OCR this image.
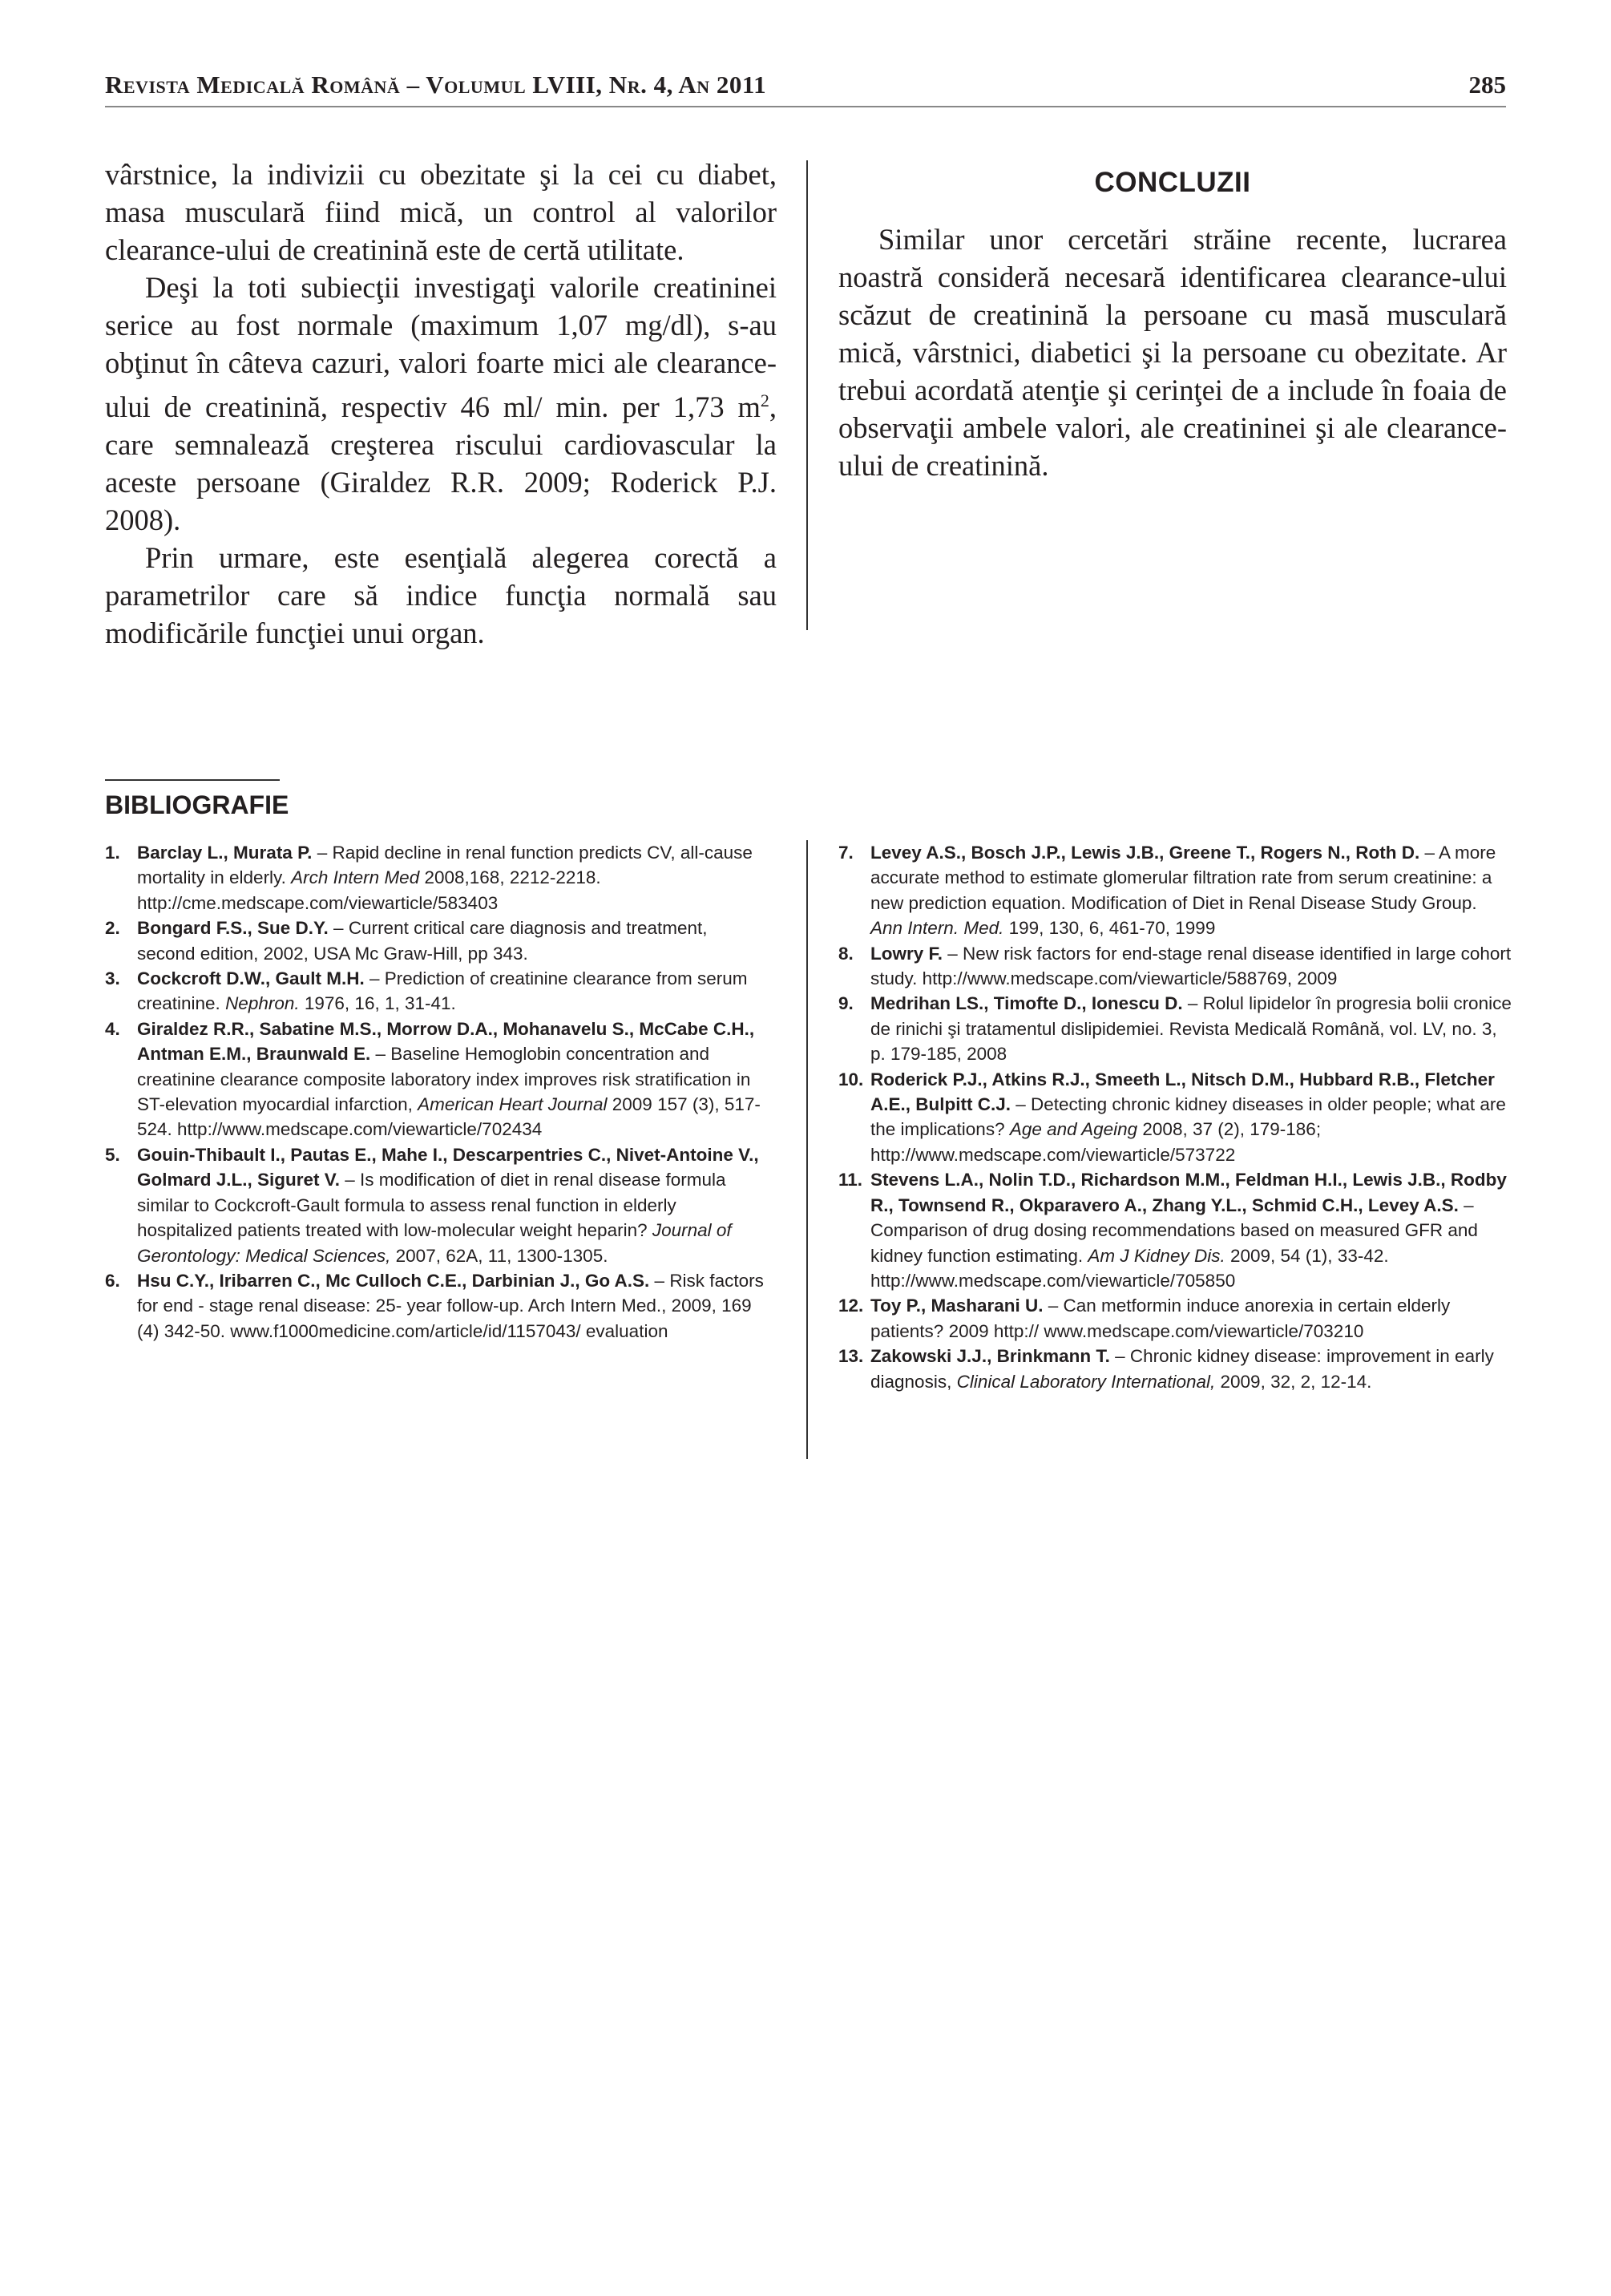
Revista Medicală Română – Volumul LVIII, Nr. 4, An 2011	285

vârstnice, la indivizii cu obezitate şi la cei cu diabet, masa musculară fiind mică, un control al valorilor clearance-ului de creatinină este de certă utilitate.

Deşi la toti subiecţii investigaţi valorile creatininei serice au fost normale (maximum 1,07 mg/dl), s-au obţinut în câteva cazuri, valori foarte mici ale clearance-ului de creatinină, respectiv 46 ml/ min. per 1,73 $m^2$, care semnalează creşterea riscului cardiovascular la aceste persoane (Giraldez R.R. 2009; Roderick P.J. 2008).

Prin urmare, este esenţială alegerea corectă a parametrilor care să indice funcţia normală sau modificările funcţiei unui organ.

CONCLUZII

Similar unor cercetări străine recente, lucrarea noastră consideră necesară identificarea clearance-ului scăzut de creatinină la persoane cu masă musculară mică, vârstnici, diabetici şi la persoane cu obezitate. Ar trebui acordată atenţie şi cerinţei de a include în foaia de observaţii ambele valori, ale creatininei şi ale clearance-ului de creatinină.

BIBLIOGRAFIE
1. Barclay L., Murata P. – Rapid decline in renal function predicts CV, all-cause mortality in elderly. Arch Intern Med 2008,168, 2212-2218. http://cme.medscape.com/viewarticle/583403
2. Bongard F.S., Sue D.Y. – Current critical care diagnosis and treatment, second edition, 2002, USA Mc Graw-Hill, pp 343.
3. Cockcroft D.W., Gault M.H. – Prediction of creatinine clearance from serum creatinine. Nephron. 1976, 16, 1, 31-41.
4. Giraldez R.R., Sabatine M.S., Morrow D.A., Mohanavelu S., McCabe C.H., Antman E.M., Braunwald E. – Baseline Hemoglobin concentration and creatinine clearance composite laboratory index improves risk stratification in ST-elevation myocardial infarction, American Heart Journal 2009 157 (3), 517-524. http://www.medscape.com/viewarticle/702434
5. Gouin-Thibault I., Pautas E., Mahe I., Descarpentries C., Nivet-Antoine V., Golmard J.L., Siguret V. – Is modification of diet in renal disease formula similar to Cockcroft-Gault formula to assess renal function in elderly hospitalized patients treated with low-molecular weight heparin? Journal of Gerontology: Medical Sciences, 2007, 62A, 11, 1300-1305.
6. Hsu C.Y., Iribarren C., Mc Culloch C.E., Darbinian J., Go A.S. – Risk factors for end - stage renal disease: 25- year follow-up. Arch Intern Med., 2009, 169 (4) 342-50. www.f1000medicine.com/article/id/1157043/ evaluation
7. Levey A.S., Bosch J.P., Lewis J.B., Greene T., Rogers N., Roth D. – A more accurate method to estimate glomerular filtration rate from serum creatinine: a new prediction equation. Modification of Diet in Renal Disease Study Group. Ann Intern. Med. 199, 130, 6, 461-70, 1999
8. Lowry F. – New risk factors for end-stage renal disease identified in large cohort study. http://www.medscape.com/viewarticle/588769, 2009
9. Medrihan LS., Timofte D., Ionescu D. – Rolul lipidelor în progresia bolii cronice de rinichi şi tratamentul dislipidemiei. Revista Medicală Română, vol. LV, no. 3, p. 179-185, 2008
10. Roderick P.J., Atkins R.J., Smeeth L., Nitsch D.M., Hubbard R.B., Fletcher A.E., Bulpitt C.J. – Detecting chronic kidney diseases in older people; what are the implications? Age and Ageing 2008, 37 (2), 179-186; http://www.medscape.com/viewarticle/573722
11. Stevens L.A., Nolin T.D., Richardson M.M., Feldman H.I., Lewis J.B., Rodby R., Townsend R., Okparavero A., Zhang Y.L., Schmid C.H., Levey A.S. – Comparison of drug dosing recommendations based on measured GFR and kidney function estimating. Am J Kidney Dis. 2009, 54 (1), 33-42. http://www.medscape.com/viewarticle/705850
12. Toy P., Masharani U. – Can metformin induce anorexia in certain elderly patients? 2009 http:// www.medscape.com/viewarticle/703210
13. Zakowski J.J., Brinkmann T. – Chronic kidney disease: improvement in early diagnosis, Clinical Laboratory International, 2009, 32, 2, 12-14.
